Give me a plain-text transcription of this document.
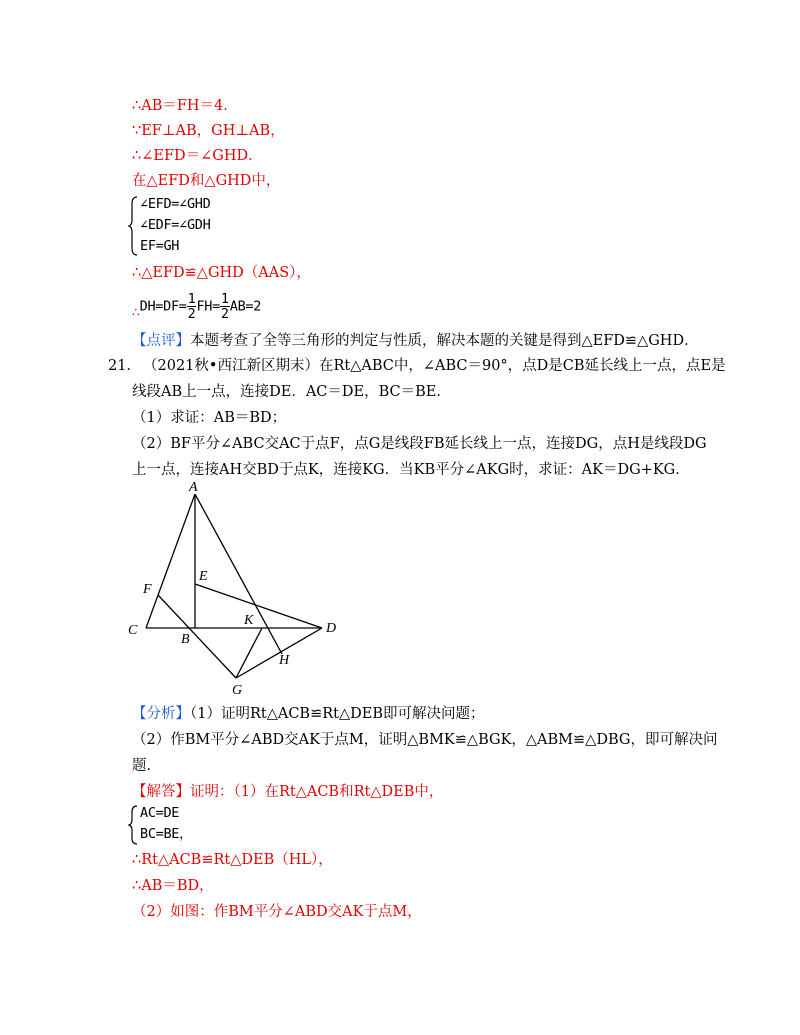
∴AB＝FH＝4．
∵EF⊥AB，GH⊥AB，
∴∠EFD＝∠GHD．
在△EFD和△GHD中，
∠EFD=∠GHD
∠EDF=∠GDH
EF=GH
∴△EFD≌△GHD（AAS），
$_\therefore DH=DF= \frac{1}{2} FH= \frac{1}{2} AB=2$
【点评】本题考查了全等三角形的判定与性质，解决本题的关键是得到△EFD≌△GHD．
21． （2021秋•西江新区期末）在Rt△ABC中，∠ABC＝90°，点D是CB延长线上一点，点E是
线段AB上一点，连接DE．AC＝DE，BC＝BE．
（1）求证：AB＝BD；
（2）BF平分∠ABC交AC于点F，点G是线段FB延长线上一点，连接DG，点H是线段DG
上一点，连接AH交BD于点K，连接KG．当KB平分∠AKG时，求证：AK＝DG+KG．
A
B
C	D
E
F
G
H
K
【分析】（1）证明Rt△ACB≌Rt△DEB即可解决问题；
（2）作BM平分∠ABD交AK于点M，证明△BMK≌△BGK，△ABM≌△DBG，即可解决问
题．
【解答】证明：（1）在Rt△ACB和Rt△DEB中，
AC=DE
BC=BE，
∴Rt△ACB≌Rt△DEB（HL），
∴AB＝BD，
（2）如图：作BM平分∠ABD交AK于点M，
